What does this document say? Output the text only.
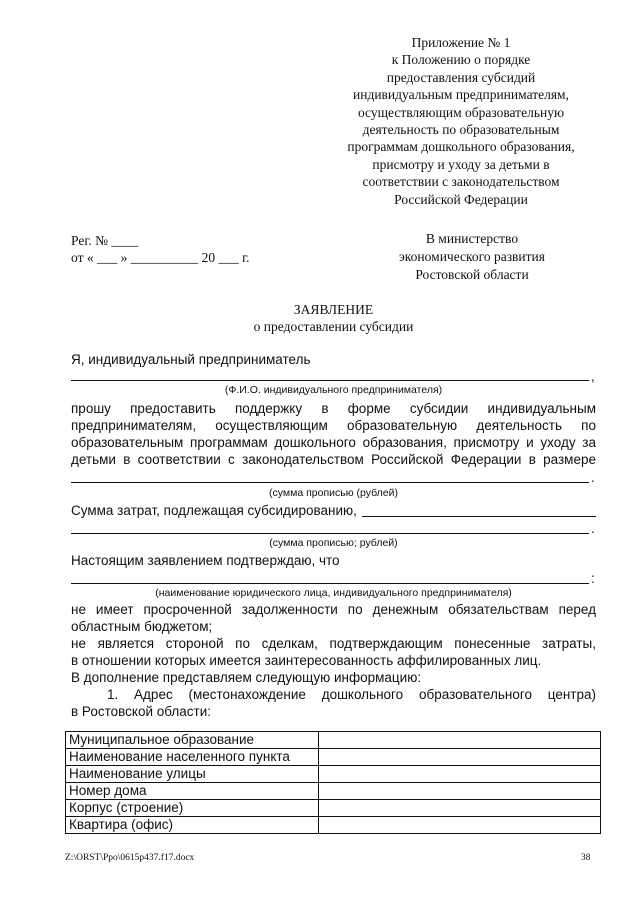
Приложение № 1
к Положению о порядке
предоставления субсидий
индивидуальным предпринимателям,
осуществляющим образовательную
деятельность по образовательным
программам дошкольного образования,
присмотру и уходу за детьми в
соответствии с законодательством
Российской Федерации
Рег. № ____
от « ___ » __________ 20 ___ г.
В министерство
экономического развития
Ростовской области
ЗАЯВЛЕНИЕ
о предоставлении субсидии
Я, индивидуальный предприниматель
,
(Ф.И.О. индивидуального предпринимателя)
прошу предоставить поддержку в форме субсидии индивидуальным
предпринимателям, осуществляющим образовательную деятельность по
образовательным программам дошкольного образования, присмотру и уходу за
детьми в соответствии с законодательством Российской Федерации в размере
.
(сумма прописью (рублей)
Сумма затрат, подлежащая субсидированию,
.
(сумма прописью; рублей)
Настоящим заявлением подтверждаю, что
:
(наименование юридического лица, индивидуального предпринимателя)
не имеет просроченной задолженности по денежным обязательствам перед
областным бюджетом;
не является стороной по сделкам, подтверждающим понесенные затраты,
в отношении которых имеется заинтересованность аффилированных лиц.
В дополнение представляем следующую информацию:
1. Адрес (местонахождение дошкольного образовательного центра)
в Ростовской области:
Муниципальное образование	
Наименование населенного пункта	
Наименование улицы	
Номер дома	
Корпус (строение)	
Квартира (офис)	
Z:\ORST\Ppo\0615p437.f17.docx	38
